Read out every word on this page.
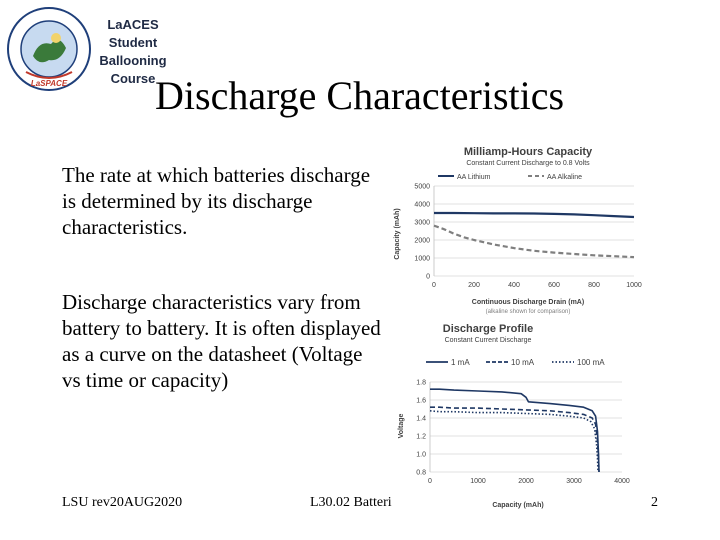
LaSPACE
LaACES
Student
Ballooning
Course Discharge Characteristics
The rate at which batteries discharge is determined by its discharge characteristics.
Discharge characteristics vary from battery to battery. It is often displayed as a curve on the datasheet (Voltage vs time or capacity)
Milliamp-Hours Capacity
Constant Current Discharge to 0.8 Volts
AA Lithium	AA Alkaline
0
1000
2000
3000
4000
5000
0	200	400	600	800	1000
Continuous Discharge Drain (mA)
(alkaline shown for comparison)
Capacity (mAh)
Discharge Profile
Constant Current Discharge
1 mA	10 mA	100 mA
0.8
1.0
1.2
1.4
1.6
1.8
0	1000	2000	3000	4000
Voltage
Capacity (mAh)
LSU rev20AUG2020	L30.02 Batteri	2
